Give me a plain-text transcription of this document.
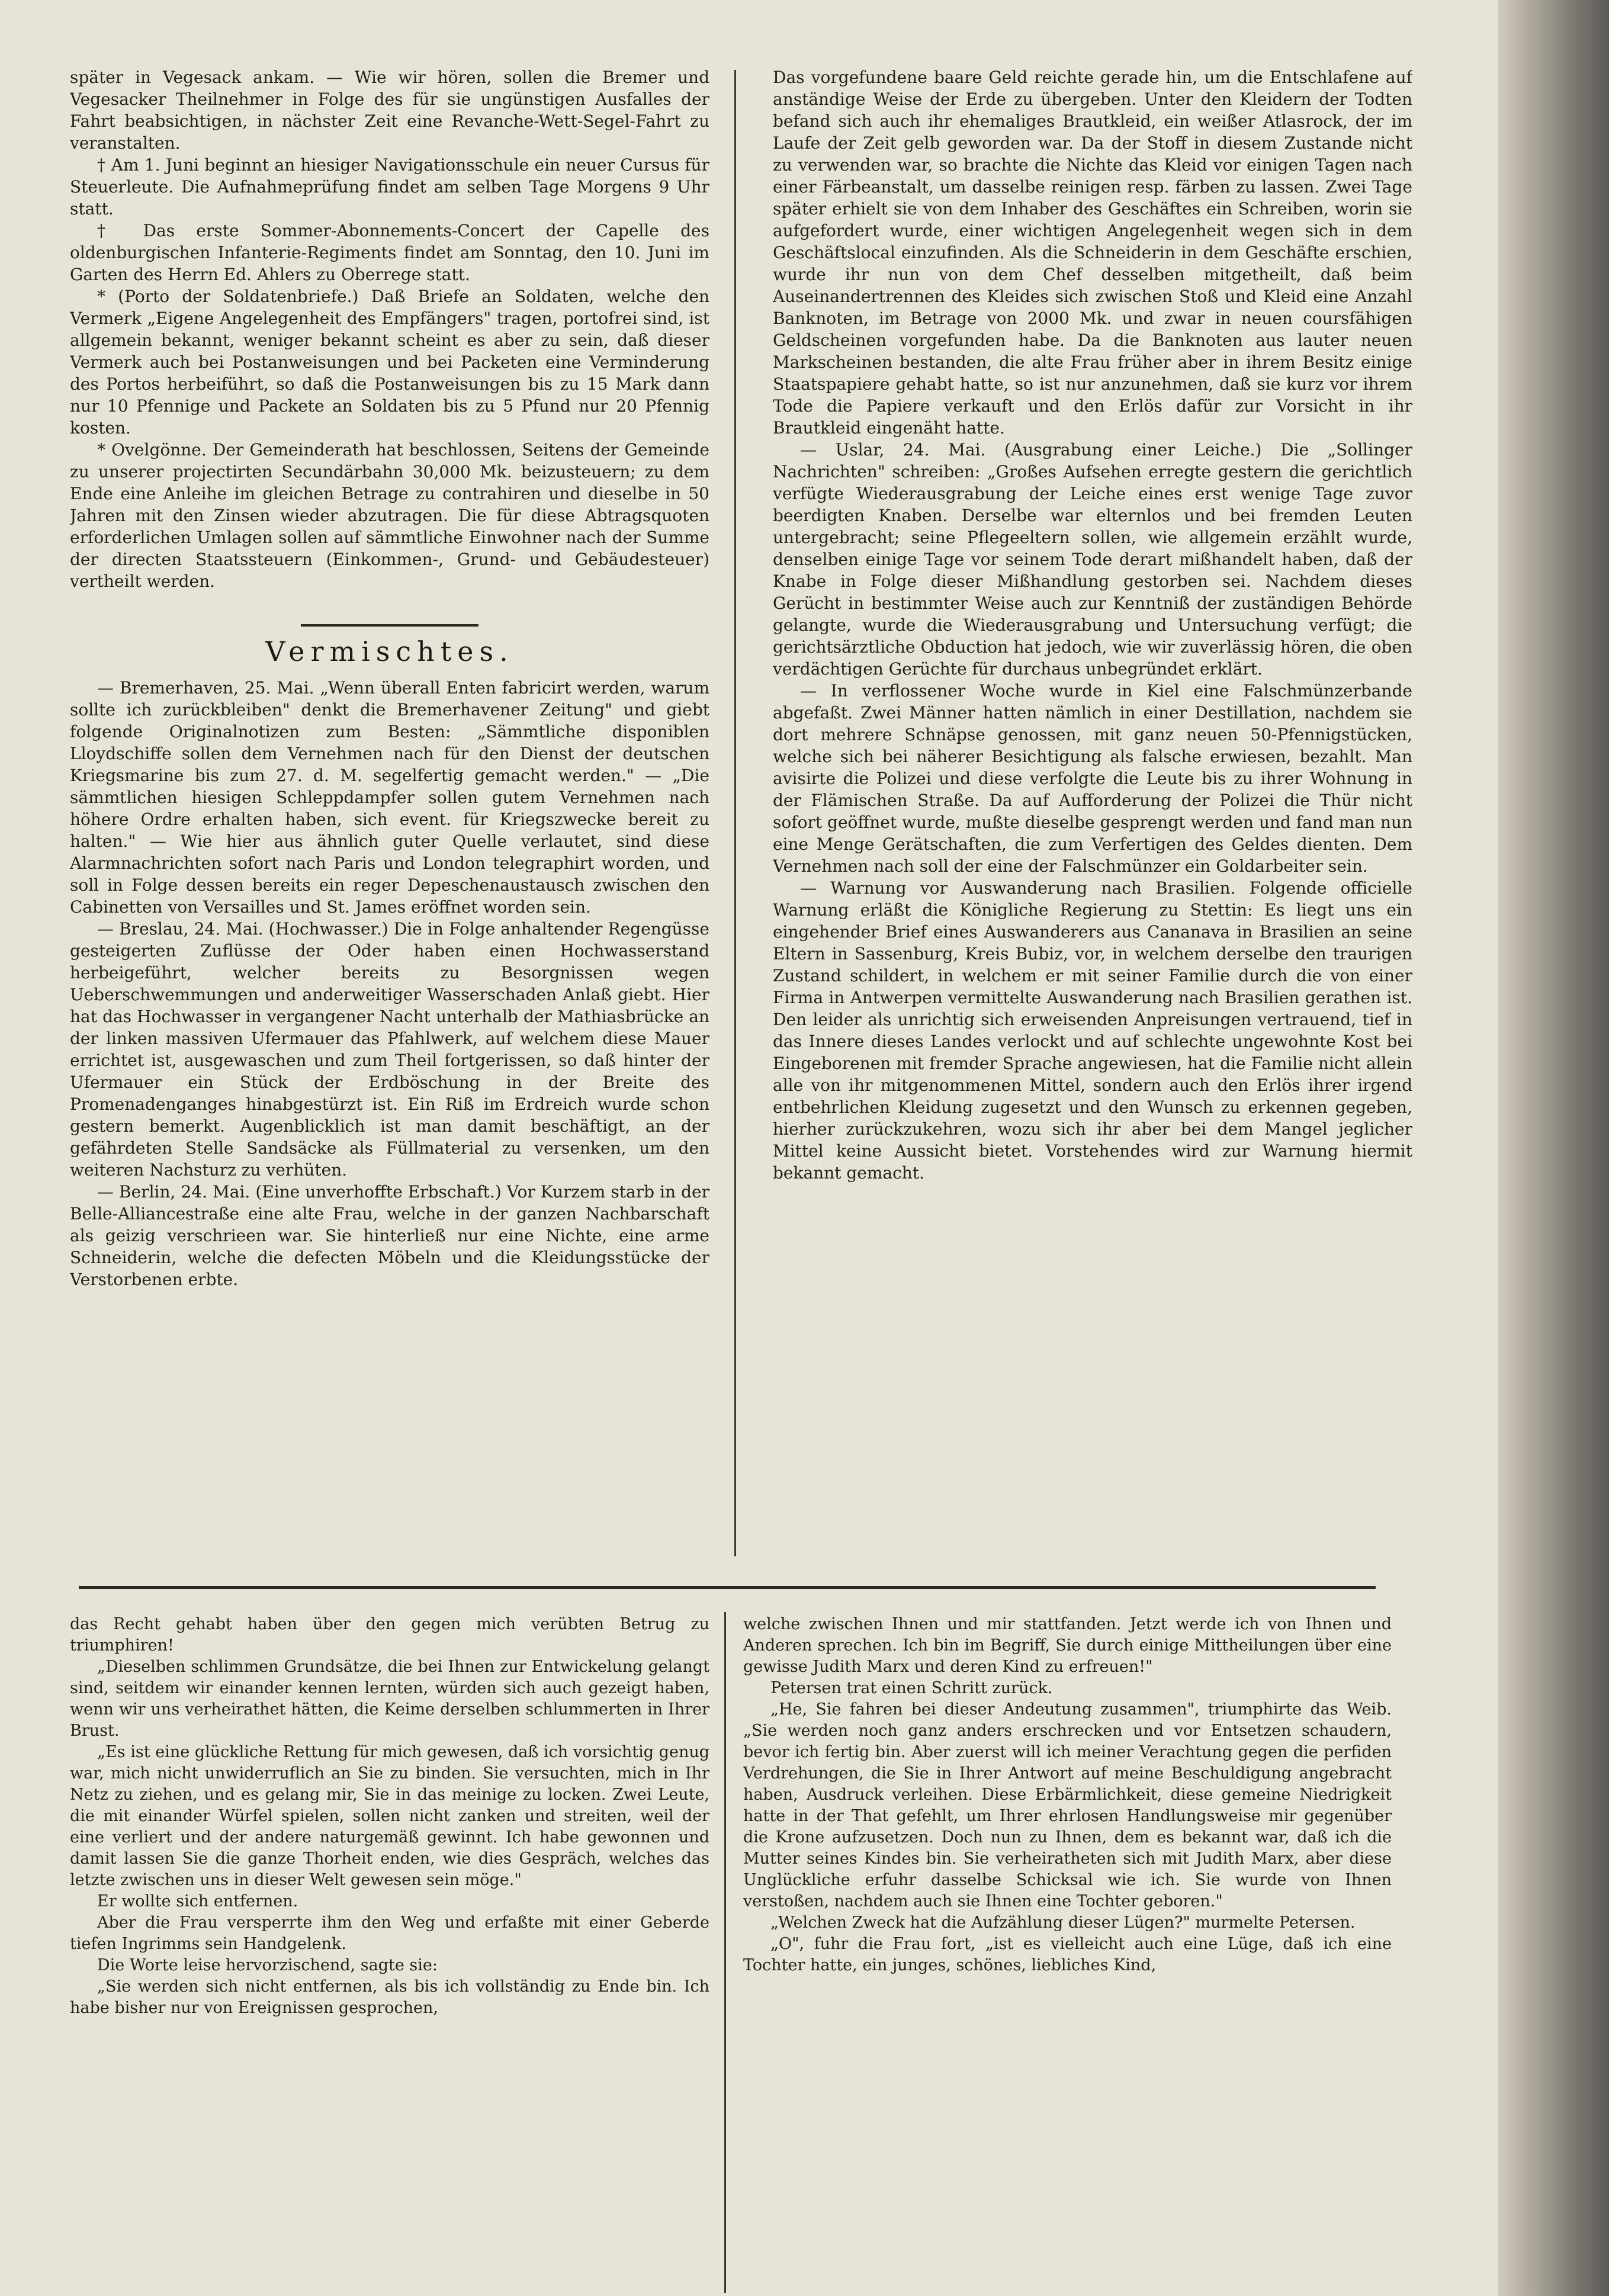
später in Vegesack ankam. — Wie wir hören, sollen die Bremer und Vegesacker Theilnehmer in Folge des für sie ungünstigen Ausfalles der Fahrt beabsichtigen, in nächster Zeit eine Revanche-Wett-Segel-Fahrt zu veranstalten.

† Am 1. Juni beginnt an hiesiger Navigationsschule ein neuer Cursus für Steuerleute. Die Aufnahmeprüfung findet am selben Tage Morgens 9 Uhr statt.

† Das erste Sommer-Abonnements-Concert der Capelle des oldenburgischen Infanterie-Regiments findet am Sonntag, den 10. Juni im Garten des Herrn Ed. Ahlers zu Oberrege statt.

* (Porto der Soldatenbriefe.) Daß Briefe an Soldaten, welche den Vermerk „Eigene Angelegenheit des Empfängers" tragen, portofrei sind, ist allgemein bekannt, weniger bekannt scheint es aber zu sein, daß dieser Vermerk auch bei Postanweisungen und bei Packeten eine Verminderung des Portos herbeiführt, so daß die Postanweisungen bis zu 15 Mark dann nur 10 Pfennige und Packete an Soldaten bis zu 5 Pfund nur 20 Pfennig kosten.

* Ovelgönne. Der Gemeinderath hat beschlossen, Seitens der Gemeinde zu unserer projectirten Secundärbahn 30,000 Mk. beizusteuern; zu dem Ende eine Anleihe im gleichen Betrage zu contrahiren und dieselbe in 50 Jahren mit den Zinsen wieder abzutragen. Die für diese Abtragsquoten erforderlichen Umlagen sollen auf sämmtliche Einwohner nach der Summe der directen Staatssteuern (Einkommen-, Grund- und Gebäudesteuer) vertheilt werden.

Vermischtes.

— Bremerhaven, 25. Mai. „Wenn überall Enten fabricirt werden, warum sollte ich zurückbleiben" denkt die Bremerhavener Zeitung" und giebt folgende Originalnotizen zum Besten: „Sämmtliche disponiblen Lloydschiffe sollen dem Vernehmen nach für den Dienst der deutschen Kriegsmarine bis zum 27. d. M. segelfertig gemacht werden." — „Die sämmtlichen hiesigen Schleppdampfer sollen gutem Vernehmen nach höhere Ordre erhalten haben, sich event. für Kriegszwecke bereit zu halten." — Wie hier aus ähnlich guter Quelle verlautet, sind diese Alarmnachrichten sofort nach Paris und London telegraphirt worden, und soll in Folge dessen bereits ein reger Depeschenaustausch zwischen den Cabinetten von Versailles und St. James eröffnet worden sein.

— Breslau, 24. Mai. (Hochwasser.) Die in Folge anhaltender Regengüsse gesteigerten Zuflüsse der Oder haben einen Hochwasserstand herbeigeführt, welcher bereits zu Besorgnissen wegen Ueberschwemmungen und anderweitiger Wasserschaden Anlaß giebt. Hier hat das Hochwasser in vergangener Nacht unterhalb der Mathiasbrücke an der linken massiven Ufermauer das Pfahlwerk, auf welchem diese Mauer errichtet ist, ausgewaschen und zum Theil fortgerissen, so daß hinter der Ufermauer ein Stück der Erdböschung in der Breite des Promenadenganges hinabgestürzt ist. Ein Riß im Erdreich wurde schon gestern bemerkt. Augenblicklich ist man damit beschäftigt, an der gefährdeten Stelle Sandsäcke als Füllmaterial zu versenken, um den weiteren Nachsturz zu verhüten.

— Berlin, 24. Mai. (Eine unverhoffte Erbschaft.) Vor Kurzem starb in der Belle-Alliancestraße eine alte Frau, welche in der ganzen Nachbarschaft als geizig verschrieen war. Sie hinterließ nur eine Nichte, eine arme Schneiderin, welche die defecten Möbeln und die Kleidungsstücke der Verstorbenen erbte.

Das vorgefundene baare Geld reichte gerade hin, um die Entschlafene auf anständige Weise der Erde zu übergeben. Unter den Kleidern der Todten befand sich auch ihr ehemaliges Brautkleid, ein weißer Atlasrock, der im Laufe der Zeit gelb geworden war. Da der Stoff in diesem Zustande nicht zu verwenden war, so brachte die Nichte das Kleid vor einigen Tagen nach einer Färbeanstalt, um dasselbe reinigen resp. färben zu lassen. Zwei Tage später erhielt sie von dem Inhaber des Geschäftes ein Schreiben, worin sie aufgefordert wurde, einer wichtigen Angelegenheit wegen sich in dem Geschäftslocal einzufinden. Als die Schneiderin in dem Geschäfte erschien, wurde ihr nun von dem Chef desselben mitgetheilt, daß beim Auseinandertrennen des Kleides sich zwischen Stoß und Kleid eine Anzahl Banknoten, im Betrage von 2000 Mk. und zwar in neuen coursfähigen Geldscheinen vorgefunden habe. Da die Banknoten aus lauter neuen Markscheinen bestanden, die alte Frau früher aber in ihrem Besitz einige Staatspapiere gehabt hatte, so ist nur anzunehmen, daß sie kurz vor ihrem Tode die Papiere verkauft und den Erlös dafür zur Vorsicht in ihr Brautkleid eingenäht hatte.

— Uslar, 24. Mai. (Ausgrabung einer Leiche.) Die „Sollinger Nachrichten" schreiben: „Großes Aufsehen erregte gestern die gerichtlich verfügte Wiederausgrabung der Leiche eines erst wenige Tage zuvor beerdigten Knaben. Derselbe war elternlos und bei fremden Leuten untergebracht; seine Pflegeeltern sollen, wie allgemein erzählt wurde, denselben einige Tage vor seinem Tode derart mißhandelt haben, daß der Knabe in Folge dieser Mißhandlung gestorben sei. Nachdem dieses Gerücht in bestimmter Weise auch zur Kenntniß der zuständigen Behörde gelangte, wurde die Wiederausgrabung und Untersuchung verfügt; die gerichtsärztliche Obduction hat jedoch, wie wir zuverlässig hören, die oben verdächtigen Gerüchte für durchaus unbegründet erklärt.

— In verflossener Woche wurde in Kiel eine Falschmünzerbande abgefaßt. Zwei Männer hatten nämlich in einer Destillation, nachdem sie dort mehrere Schnäpse genossen, mit ganz neuen 50-Pfennigstücken, welche sich bei näherer Besichtigung als falsche erwiesen, bezahlt. Man avisirte die Polizei und diese verfolgte die Leute bis zu ihrer Wohnung in der Flämischen Straße. Da auf Aufforderung der Polizei die Thür nicht sofort geöffnet wurde, mußte dieselbe gesprengt werden und fand man nun eine Menge Gerätschaften, die zum Verfertigen des Geldes dienten. Dem Vernehmen nach soll der eine der Falschmünzer ein Goldarbeiter sein.

— Warnung vor Auswanderung nach Brasilien. Folgende officielle Warnung erläßt die Königliche Regierung zu Stettin: Es liegt uns ein eingehender Brief eines Auswanderers aus Cananava in Brasilien an seine Eltern in Sassenburg, Kreis Bubiz, vor, in welchem derselbe den traurigen Zustand schildert, in welchem er mit seiner Familie durch die von einer Firma in Antwerpen vermittelte Auswanderung nach Brasilien gerathen ist. Den leider als unrichtig sich erweisenden Anpreisungen vertrauend, tief in das Innere dieses Landes verlockt und auf schlechte ungewohnte Kost bei Eingeborenen mit fremder Sprache angewiesen, hat die Familie nicht allein alle von ihr mitgenommenen Mittel, sondern auch den Erlös ihrer irgend entbehrlichen Kleidung zugesetzt und den Wunsch zu erkennen gegeben, hierher zurückzukehren, wozu sich ihr aber bei dem Mangel jeglicher Mittel keine Aussicht bietet. Vorstehendes wird zur Warnung hiermit bekannt gemacht.

das Recht gehabt haben über den gegen mich verübten Betrug zu triumphiren!

„Dieselben schlimmen Grundsätze, die bei Ihnen zur Entwickelung gelangt sind, seitdem wir einander kennen lernten, würden sich auch gezeigt haben, wenn wir uns verheirathet hätten, die Keime derselben schlummerten in Ihrer Brust.

„Es ist eine glückliche Rettung für mich gewesen, daß ich vorsichtig genug war, mich nicht unwiderruflich an Sie zu binden. Sie versuchten, mich in Ihr Netz zu ziehen, und es gelang mir, Sie in das meinige zu locken. Zwei Leute, die mit einander Würfel spielen, sollen nicht zanken und streiten, weil der eine verliert und der andere naturgemäß gewinnt. Ich habe gewonnen und damit lassen Sie die ganze Thorheit enden, wie dies Gespräch, welches das letzte zwischen uns in dieser Welt gewesen sein möge."

Er wollte sich entfernen.

Aber die Frau versperrte ihm den Weg und erfaßte mit einer Geberde tiefen Ingrimms sein Handgelenk.

Die Worte leise hervorzischend, sagte sie:

„Sie werden sich nicht entfernen, als bis ich vollständig zu Ende bin. Ich habe bisher nur von Ereignissen gesprochen,

welche zwischen Ihnen und mir stattfanden. Jetzt werde ich von Ihnen und Anderen sprechen. Ich bin im Begriff, Sie durch einige Mittheilungen über eine gewisse Judith Marx und deren Kind zu erfreuen!"

Petersen trat einen Schritt zurück.

„He, Sie fahren bei dieser Andeutung zusammen", triumphirte das Weib. „Sie werden noch ganz anders erschrecken und vor Entsetzen schaudern, bevor ich fertig bin. Aber zuerst will ich meiner Verachtung gegen die perfiden Verdrehungen, die Sie in Ihrer Antwort auf meine Beschuldigung angebracht haben, Ausdruck verleihen. Diese Erbärmlichkeit, diese gemeine Niedrigkeit hatte in der That gefehlt, um Ihrer ehrlosen Handlungsweise mir gegenüber die Krone aufzusetzen. Doch nun zu Ihnen, dem es bekannt war, daß ich die Mutter seines Kindes bin. Sie verheiratheten sich mit Judith Marx, aber diese Unglückliche erfuhr dasselbe Schicksal wie ich. Sie wurde von Ihnen verstoßen, nachdem auch sie Ihnen eine Tochter geboren."

„Welchen Zweck hat die Aufzählung dieser Lügen?" murmelte Petersen.

„O", fuhr die Frau fort, „ist es vielleicht auch eine Lüge, daß ich eine Tochter hatte, ein junges, schönes, liebliches Kind,
